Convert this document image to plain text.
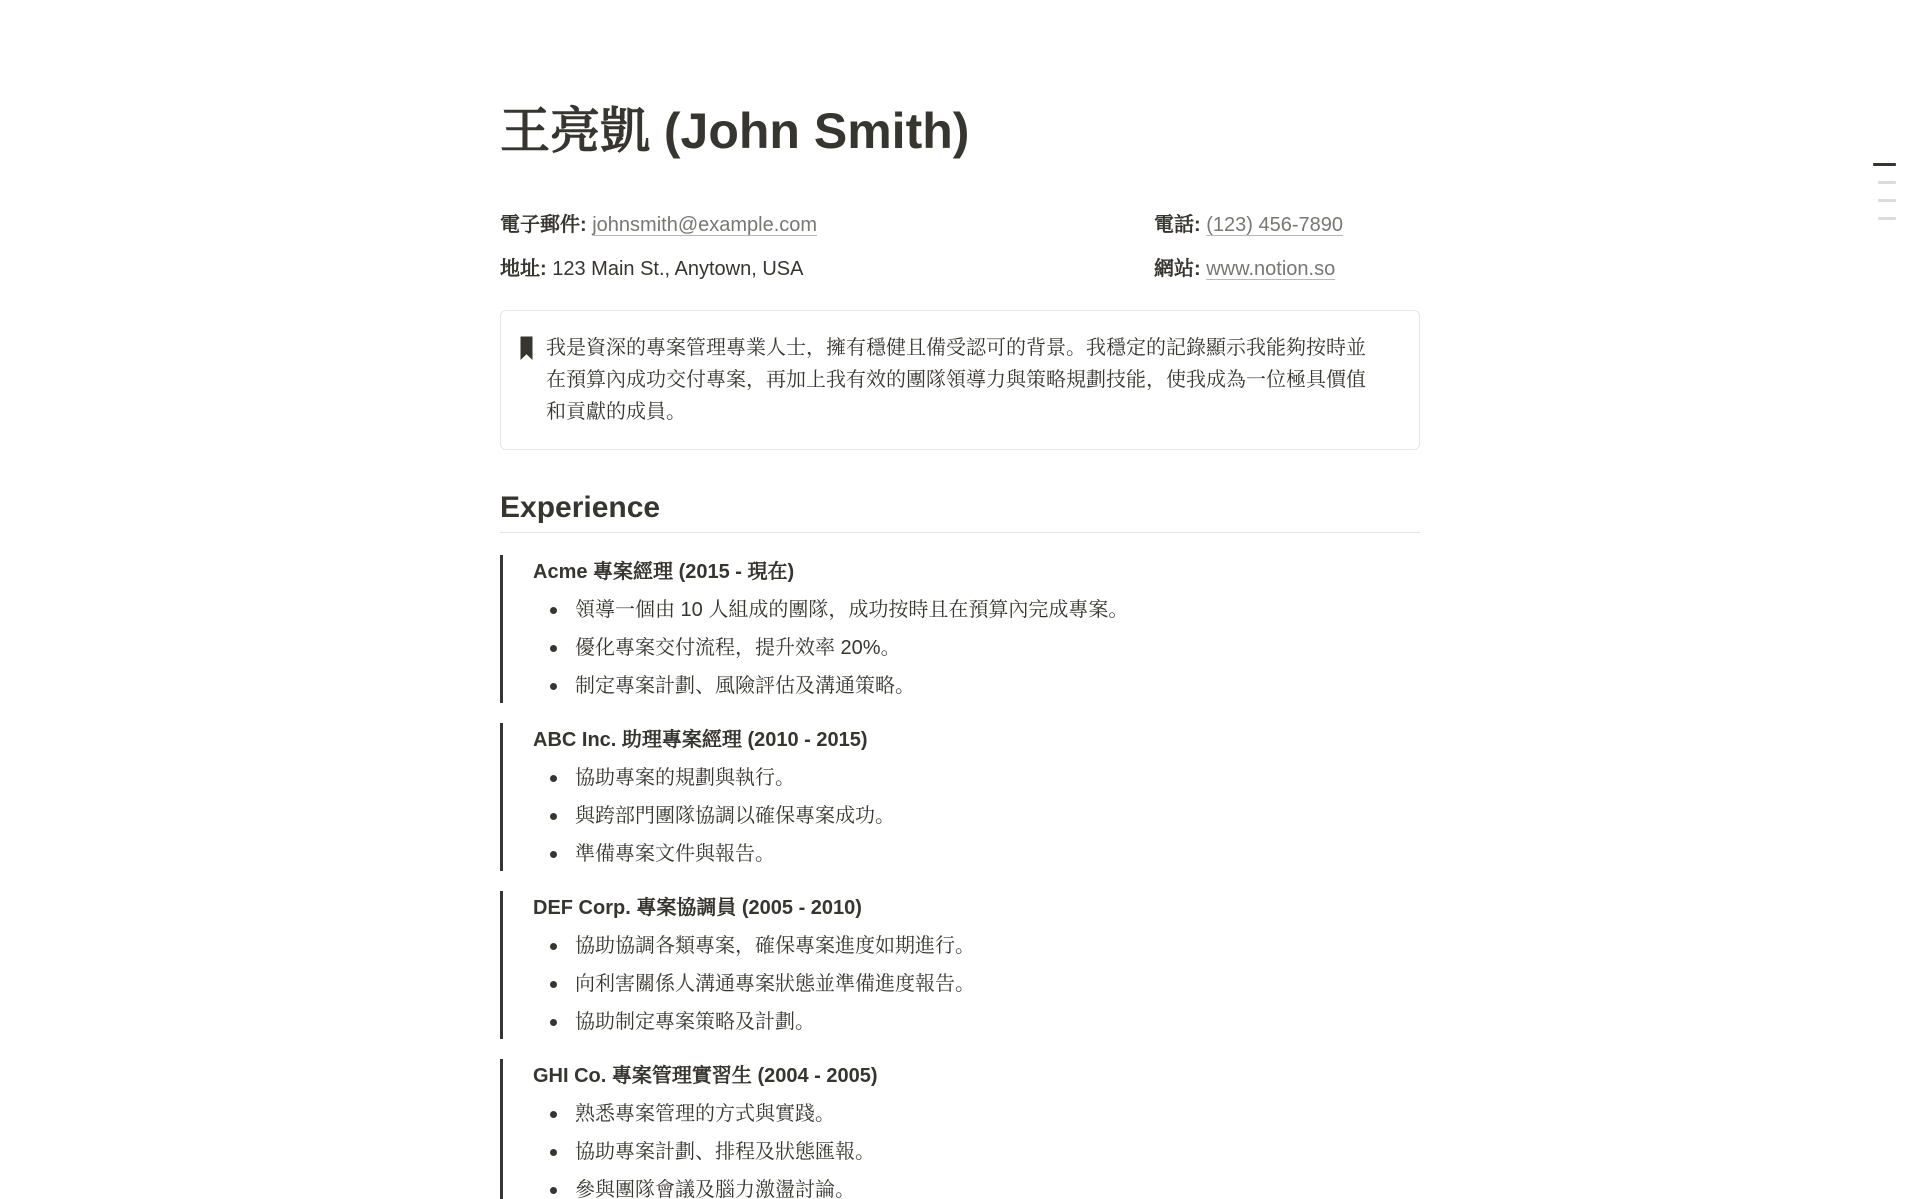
王亮凱 (John Smith)
電子郵件: johnsmith@example.com	電話: (123) 456-7890
地址: 123 Main St., Anytown, USA	網站: www.notion.so
我是資深的專案管理專業人士，擁有穩健且備受認可的背景。我穩定的記錄顯示我能夠按時並在預算內成功交付專案，再加上我有效的團隊領導力與策略規劃技能，使我成為一位極具價值和貢獻的成員。
Experience
Acme 專案經理 (2015 - 現在)
領導一個由 10 人組成的團隊，成功按時且在預算內完成專案。
優化專案交付流程，提升效率 20%。
制定專案計劃、風險評估及溝通策略。
ABC Inc. 助理專案經理 (2010 - 2015)
協助專案的規劃與執行。
與跨部門團隊協調以確保專案成功。
準備專案文件與報告。
DEF Corp. 專案協調員 (2005 - 2010)
協助協調各類專案，確保專案進度如期進行。
向利害關係人溝通專案狀態並準備進度報告。
協助制定專案策略及計劃。
GHI Co. 專案管理實習生 (2004 - 2005)
熟悉專案管理的方式與實踐。
協助專案計劃、排程及狀態匯報。
參與團隊會議及腦力激盪討論。
